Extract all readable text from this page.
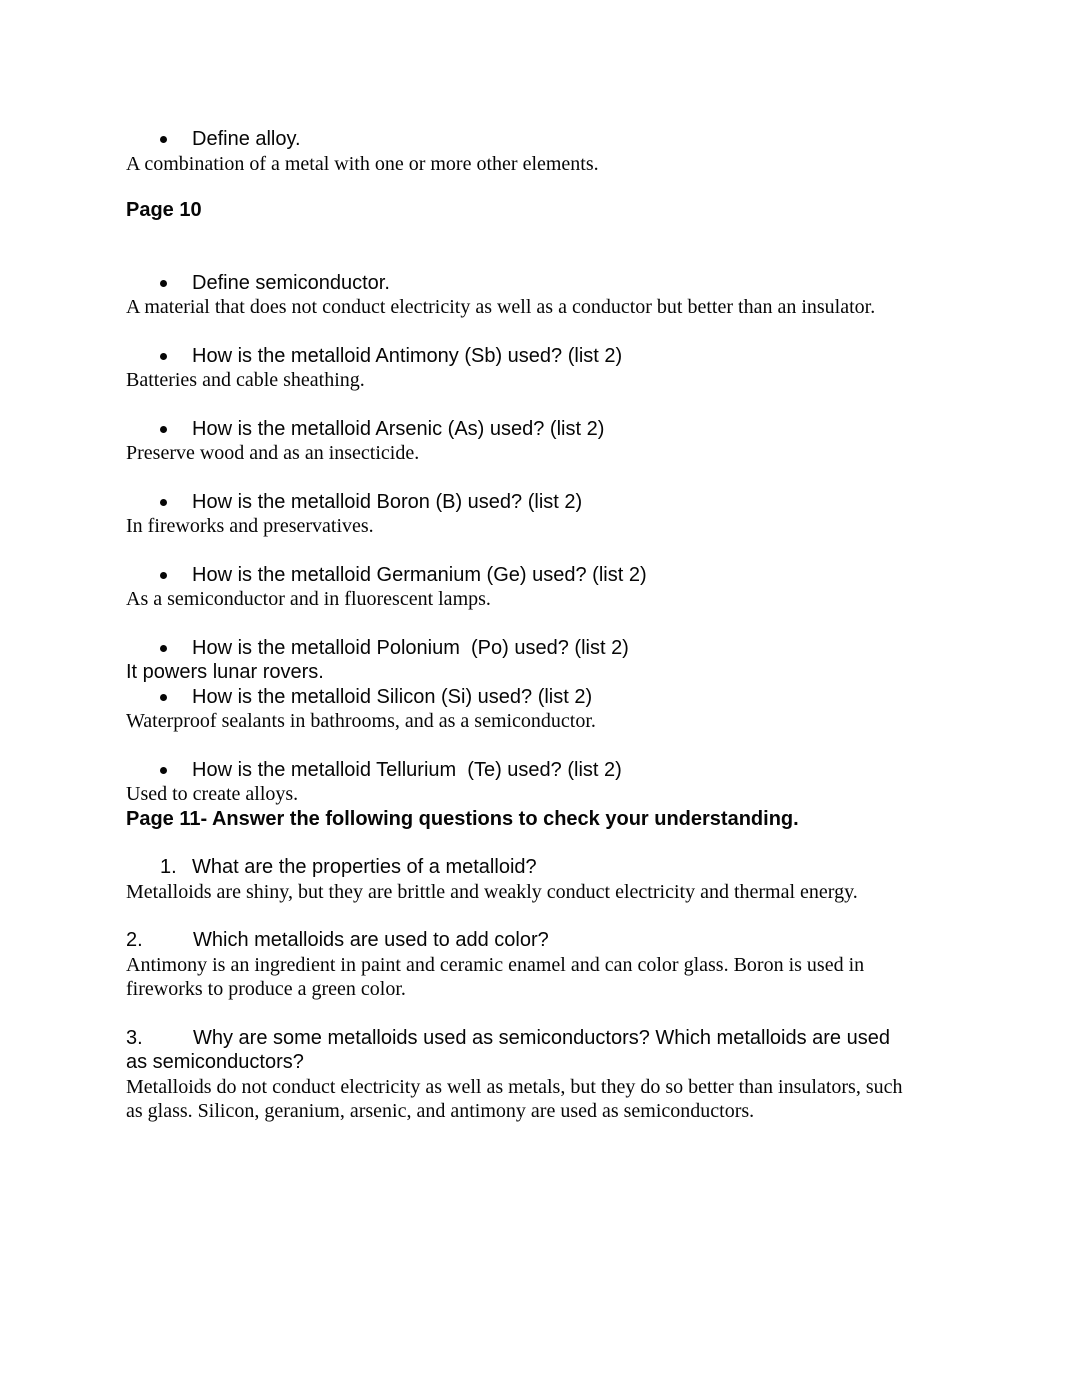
Define alloy.
A combination of a metal with one or more other elements.
Page 10
Define semiconductor.
A material that does not conduct electricity as well as a conductor but better than an insulator.
How is the metalloid Antimony (Sb) used? (list 2)
Batteries and cable sheathing.
How is the metalloid Arsenic (As) used? (list 2)
Preserve wood and as an insecticide.
How is the metalloid Boron (B) used? (list 2)
In fireworks and preservatives.
How is the metalloid Germanium (Ge) used? (list 2)
As a semiconductor and in fluorescent lamps.
How is the metalloid Polonium  (Po) used? (list 2)
It powers lunar rovers.
How is the metalloid Silicon (Si) used? (list 2)
Waterproof sealants in bathrooms, and as a semiconductor.
How is the metalloid Tellurium  (Te) used? (list 2)
Used to create alloys.
Page 11- Answer the following questions to check your understanding.
1. What are the properties of a metalloid?
Metalloids are shiny, but they are brittle and weakly conduct electricity and thermal energy.
2.	Which metalloids are used to add color?
Antimony is an ingredient in paint and ceramic enamel and can color glass. Boron is used in
fireworks to produce a green color.
3.	Why are some metalloids used as semiconductors? Which metalloids are used
as semiconductors?
Metalloids do not conduct electricity as well as metals, but they do so better than insulators, such
as glass. Silicon, geranium, arsenic, and antimony are used as semiconductors.
